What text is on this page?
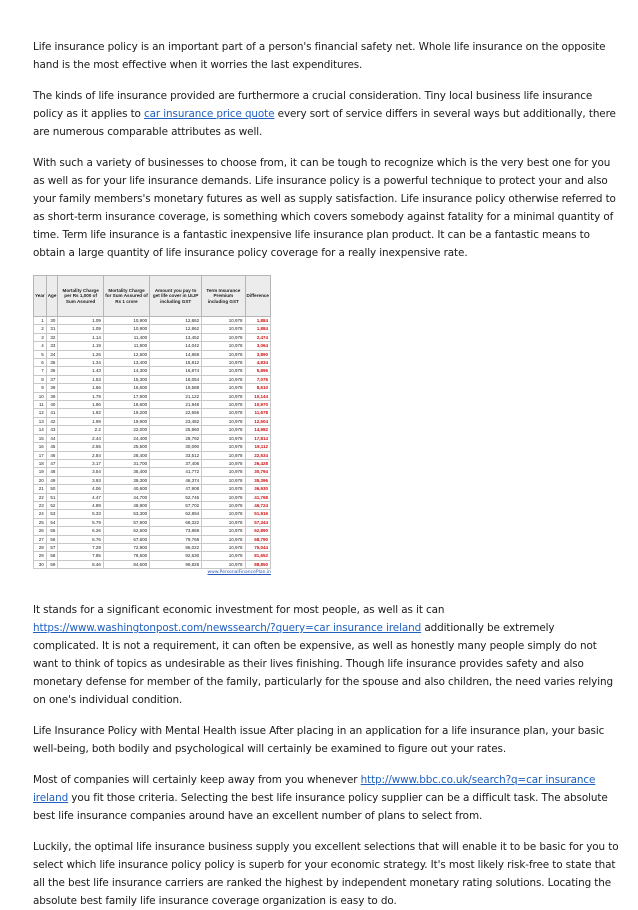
Life insurance policy is an important part of a person's financial safety net. Whole life insurance on the opposite hand is the most effective when it worries the last expenditures.

The kinds of life insurance provided are furthermore a crucial consideration. Tiny local business life insurance policy as it applies to car insurance price quote every sort of service differs in several ways but additionally, there are numerous comparable attributes as well.

With such a variety of businesses to choose from, it can be tough to recognize which is the very best one for you as well as for your life insurance demands. Life insurance policy is a powerful technique to protect your and also your family members's monetary futures as well as supply satisfaction. Life insurance policy otherwise referred to as short-term insurance coverage, is something which covers somebody against fatality for a minimal quantity of time. Term life insurance is a fantastic inexpensive life insurance plan product. It can be a fantastic means to obtain a large quantity of life insurance policy coverage for a really inexpensive rate.

Year	Age	Mortality Charge per Rs 1,000 of Sum Assured	Mortality Charge for Sum Assured of Rs 1 crore	Amount you pay to get life cover in ULIP including GST	Term Insurance Premium including GST	Difference
1	30	1.09	10,900	12,862	10,978	1,884
2	31	1.09	10,900	12,862	10,978	1,884
3	32	1.14	11,400	13,452	10,978	2,474
4	33	1.19	11,900	14,042	10,978	3,064
5	34	1.26	12,600	14,868	10,978	3,890
6	35	1.34	13,400	15,812	10,978	4,834
7	36	1.43	14,300	16,874	10,978	5,896
8	37	1.53	15,300	18,054	10,978	7,076
9	38	1.66	16,600	19,588	10,978	8,610
10	39	1.79	17,900	21,122	10,978	10,144
11	40	1.86	18,600	21,948	10,978	10,970
12	41	1.92	19,200	22,656	10,978	11,678
13	42	1.99	19,900	23,482	10,978	12,504
14	43	2.2	22,000	25,960	10,978	14,982
15	44	2.44	24,400	28,792	10,978	17,814
16	45	2.55	25,500	30,090	10,978	19,112
17	46	2.84	28,400	33,512	10,978	22,534
18	47	3.17	31,700	37,406	10,978	26,428
19	48	3.54	35,400	41,772	10,978	30,794
20	49	3.93	39,300	46,374	10,978	35,396
21	50	4.06	40,600	47,908	10,978	36,930
22	51	4.47	44,700	52,746	10,978	41,768
23	52	4.89	48,900	57,702	10,978	46,724
24	53	5.33	53,300	62,894	10,978	51,916
25	54	5.79	57,900	68,322	10,978	57,344
26	55	6.26	62,600	73,868	10,978	62,890
27	56	6.76	67,600	79,768	10,978	68,790
28	57	7.29	72,900	86,022	10,978	75,044
29	58	7.85	78,500	92,630	10,978	81,652
30	59	8.46	84,600	99,828	10,978	88,850
www.PersonalFinancePlan.in

It stands for a significant economic investment for most people, as well as it can https://www.washingtonpost.com/newssearch/?query=car insurance ireland additionally be extremely complicated. It is not a requirement, it can often be expensive, as well as honestly many people simply do not want to think of topics as undesirable as their lives finishing. Though life insurance provides safety and also monetary defense for member of the family, particularly for the spouse and also children, the need varies relying on one's individual condition.

Life Insurance Policy with Mental Health issue After placing in an application for a life insurance plan, your basic well-being, both bodily and psychological will certainly be examined to figure out your rates.

Most of companies will certainly keep away from you whenever http://www.bbc.co.uk/search?q=car insurance ireland you fit those criteria. Selecting the best life insurance policy supplier can be a difficult task. The absolute best life insurance companies around have an excellent number of plans to select from.

Luckily, the optimal life insurance business supply you excellent selections that will enable it to be basic for you to select which life insurance policy policy is superb for your economic strategy. It's most likely risk-free to state that all the best life insurance carriers are ranked the highest by independent monetary rating solutions. Locating the absolute best family life insurance coverage organization is easy to do.
